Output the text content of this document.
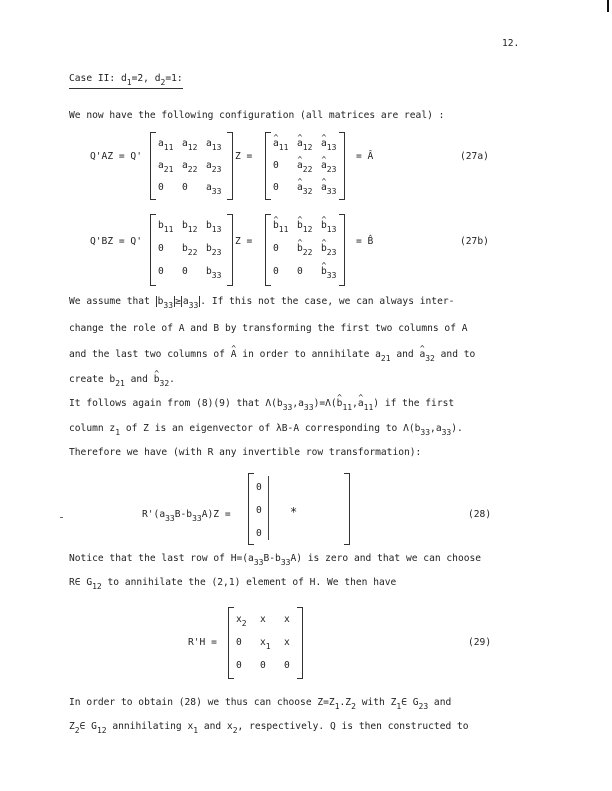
12.
Case II: $d_1=2$, $d_2=1$:
We now have the following configuration (all matrices are real) :
Q'AZ = Q'
$a_{11}$ $a_{12}$ $a_{13}$
$a_{21}$ $a_{22}$ $a_{23}$
0 0 $a_{33}$
Z =
^ $a_{11}$ ^ $a_{12}$ ^ $a_{13}$
0 ^ $a_{22}$ ^ $a_{23}$
0 ^ $a_{32}$ ^ $a_{33}$
= Â	(27a)
Q'BZ = Q'
$b_{11}$ $b_{12}$ $b_{13}$
0 $b_{22}$ $b_{23}$
0 0 $b_{33}$
Z =
^ $b_{11}$ ^ $b_{12}$ ^ $b_{13}$
0 ^ $b_{22}$ ^ $b_{23}$
0 0 ^ $b_{33}$
= B̂	(27b)
We assume that $b_{33} \ge a_{33}$ . If this not the case, we can always inter-
change the role of A and B by transforming the first two columns of A
and the last two columns of ^ A in order to annihilate $a_{21}$ and ^ $a_{32}$ and to
create $b_{21}$ and ^ $b_{32}$.
It follows again from (8)(9) that $\Lambda(b_{33},a_{33})=\Lambda(\^{}$ $b_{11},\^{}$ $a_{11}$) if the first
column $z_1$ of Z is an eigenvector of λB-A corresponding to $\Lambda(b_{33},a_{33})$.
Therefore we have (with R any invertible row transformation):
$R'(a_{33}B-b_{33}A)Z$ =
0
0
0
*	(28)
Notice that the last row of $H=(a_{33}B-b_{33}A)$ is zero and that we can choose
R∈ $G_{12}$ to annihilate the (2,1) element of H. We then have
R'H =
$x_2$ x x
0 $x_1$ x
0 0 0
(29)
In order to obtain (28) we thus can choose $Z=Z_1.Z_2$ with $Z_1\in$ $G_{23}$ and
$Z_2\in$ $G_{12}$ annihilating $x_1$ and $x_2$, respectively. Q is then constructed to
